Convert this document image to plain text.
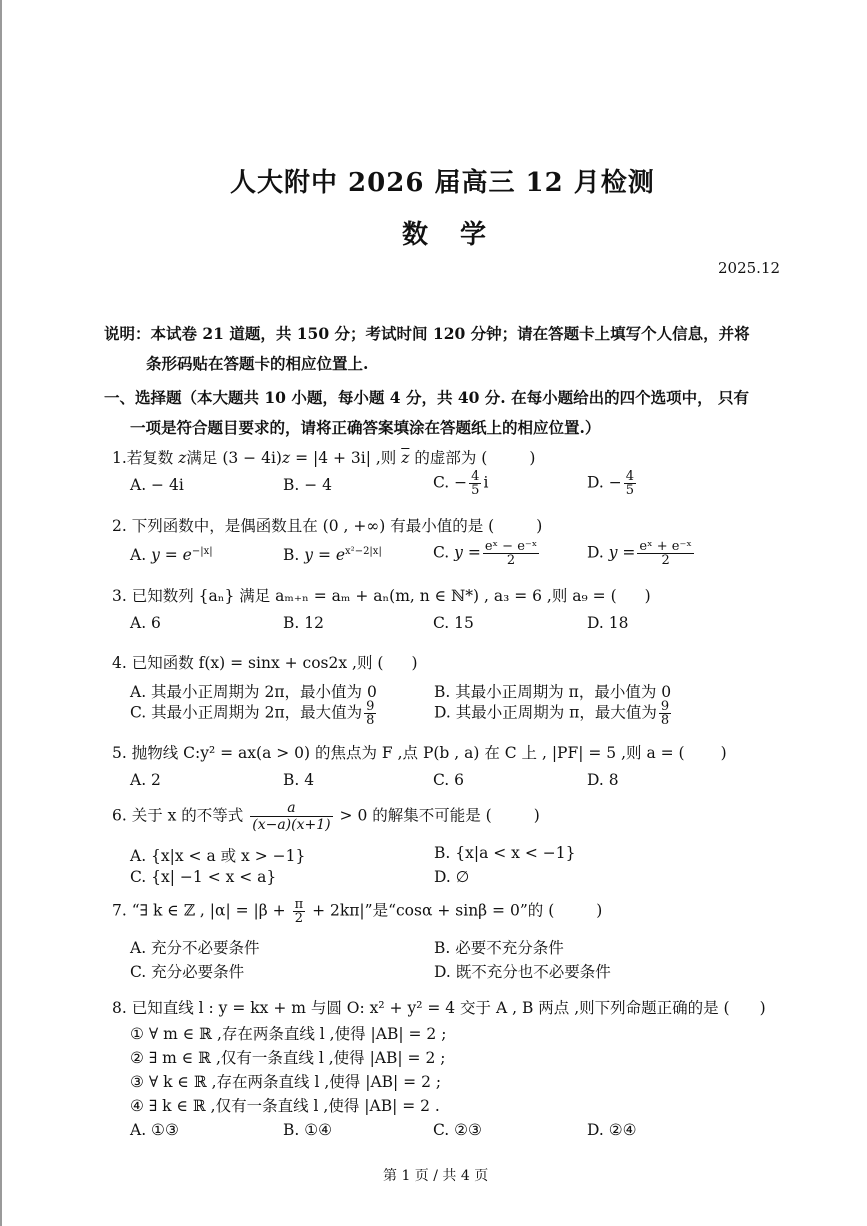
人大附中 2026 届高三 12 月检测
数学
2025.12
说明：本试卷 21 道题，共 150 分；考试时间 120 分钟；请在答题卡上填写个人信息，并将
条形码贴在答题卡的相应位置上.
一、选择题（本大题共 10 小题，每小题 4 分，共 40 分. 在每小题给出的四个选项中， 只有
一项是符合题目要求的，请将正确答案填涂在答题纸上的相应位置.）
1.若复数 z满足 (3 − 4i)z = |4 + 3i| ,则 $\overline{z}$ 的虚部为 (	)
A. − 4i	B. − 4	C. − $\frac{4}{5}$ i	D. − $\frac{4}{5}$
2. 下列函数中，是偶函数且在 (0 , +∞) 有最小值的是 (	)
A. $y = e^{-|x|}$	B. $y = e^{x^2-2|x|}$	C. $y = \frac{\text{eˣ − e⁻ˣ}}{2}$	D. $y = \frac{\text{eˣ + e⁻ˣ}}{2}$
3. 已知数列 {aₙ} 满足 aₘ₊ₙ = aₘ + aₙ(m, n ∈ ℕ*) , a₃ = 6 ,则 a₉ = ( )
A. 6	B. 12	C. 15	D. 18
4. 已知函数 f(x) = sinx + cos2x ,则 ( )
A. 其最小正周期为 2π，最小值为 0	B. 其最小正周期为 π，最小值为 0
C. 其最小正周期为 2π，最大值为 $\frac{9}{8}$	D. 其最小正周期为 π，最大值为 $\frac{9}{8}$
5. 抛物线 C:y² = ax(a > 0) 的焦点为 F ,点 P(b , a) 在 C 上 , |PF| = 5 ,则 a = ( )
A. 2	B. 4	C. 6	D. 8
6. 关于 x 的不等式 $\frac{a}{(x-a)(x+1)} > 0$ 的解集不可能是 (	)
A. {x|x < a 或 x > −1}	B. {x|a < x < −1}
C. {x| −1 < x < a}	D. ∅
7. “∃ k ∈ ℤ , $|\alpha| = |\beta + \frac{\pi}{2} + 2k\pi|$”是“cosα + sinβ = 0”的 (	)
A. 充分不必要条件	B. 必要不充分条件
C. 充分必要条件	D. 既不充分也不必要条件
8. 已知直线 l : y = kx + m 与圆 O: x² + y² = 4 交于 A , B 两点 ,则下列命题正确的是 ( )
① ∀ m ∈ ℝ ,存在两条直线 l ,使得 |AB| = 2 ;
② ∃ m ∈ ℝ ,仅有一条直线 l ,使得 |AB| = 2 ;
③ ∀ k ∈ ℝ ,存在两条直线 l ,使得 |AB| = 2 ;
④ ∃ k ∈ ℝ ,仅有一条直线 l ,使得 |AB| = 2 .
A. ①③	B. ①④	C. ②③	D. ②④
第 1 页 / 共 4 页
